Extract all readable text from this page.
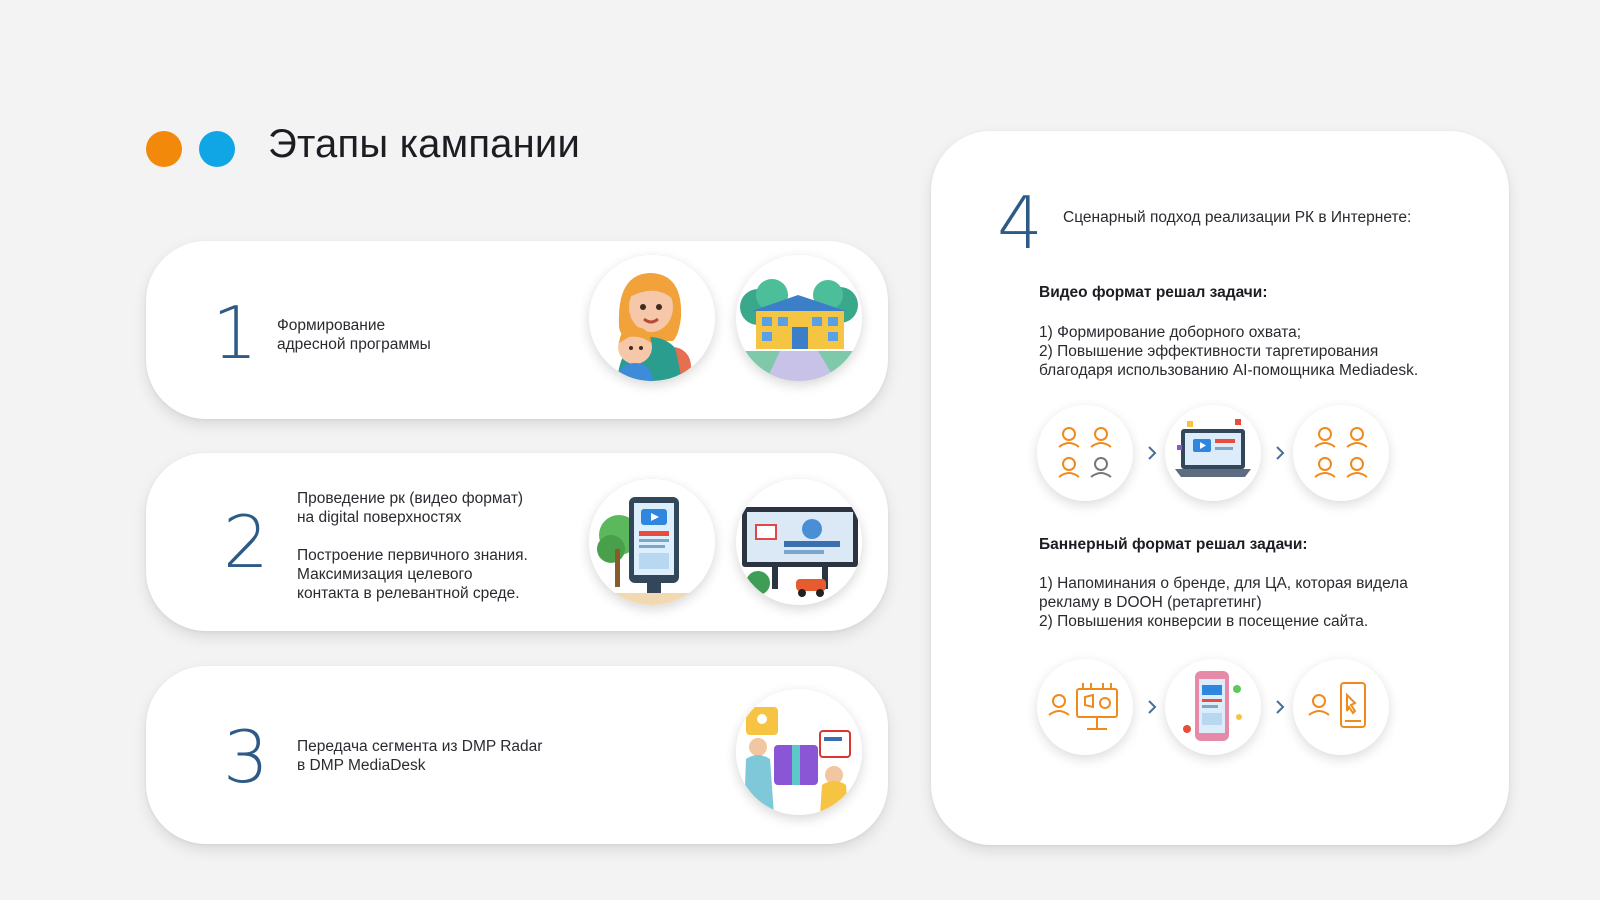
Этапы кампании
1 Формирование

адресной программы

2

Проведение рк (видео формат)

на digital поверхностях

Построение первичного знания.

Максимизация целевого

контакта в релевантной среде.

3 Передача сегмента из DMP Radar

в DMP MediaDesk

4 Сценарный подход реализации РК в Интернете:
Видео формат решал задачи:

1) Формирование доборного охвата;

2) Повышение эффективности таргетирования

благодаря использованию AI-помощника Mediadesk.

Баннерный формат решал задачи:

1) Напоминания о бренде, для ЦА, которая видела

рекламу в DOOH (ретаргетинг)

2) Повышения конверсии в посещение сайта.
